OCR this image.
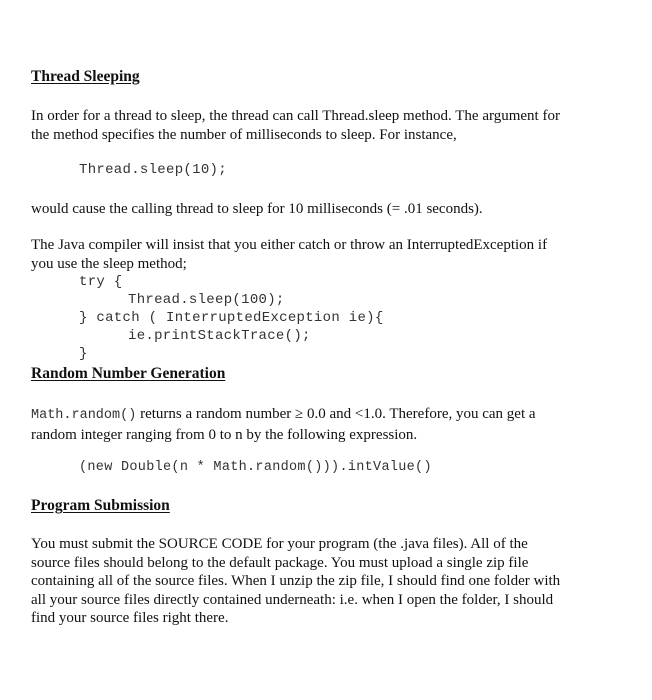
Thread Sleeping
In order for a thread to sleep, the thread can call Thread.sleep method. The argument for
the method specifies the number of milliseconds to sleep. For instance,
Thread.sleep(10);
would cause the calling thread to sleep for 10 milliseconds (= .01 seconds).
The Java compiler will insist that you either catch or throw an InterruptedException if
you use the sleep method;
try {
Thread.sleep(100);
} catch ( InterruptedException ie){
ie.printStackTrace();
}
Random Number Generation
Math.random() returns a random number ≥ 0.0 and <1.0. Therefore, you can get a
random integer ranging from 0 to n by the following expression.
(new Double(n * Math.random())).intValue()
Program Submission
You must submit the SOURCE CODE for your program (the .java files). All of the
source files should belong to the default package. You must upload a single zip file
containing all of the source files. When I unzip the zip file, I should find one folder with
all your source files directly contained underneath: i.e. when I open the folder, I should
find your source files right there.
